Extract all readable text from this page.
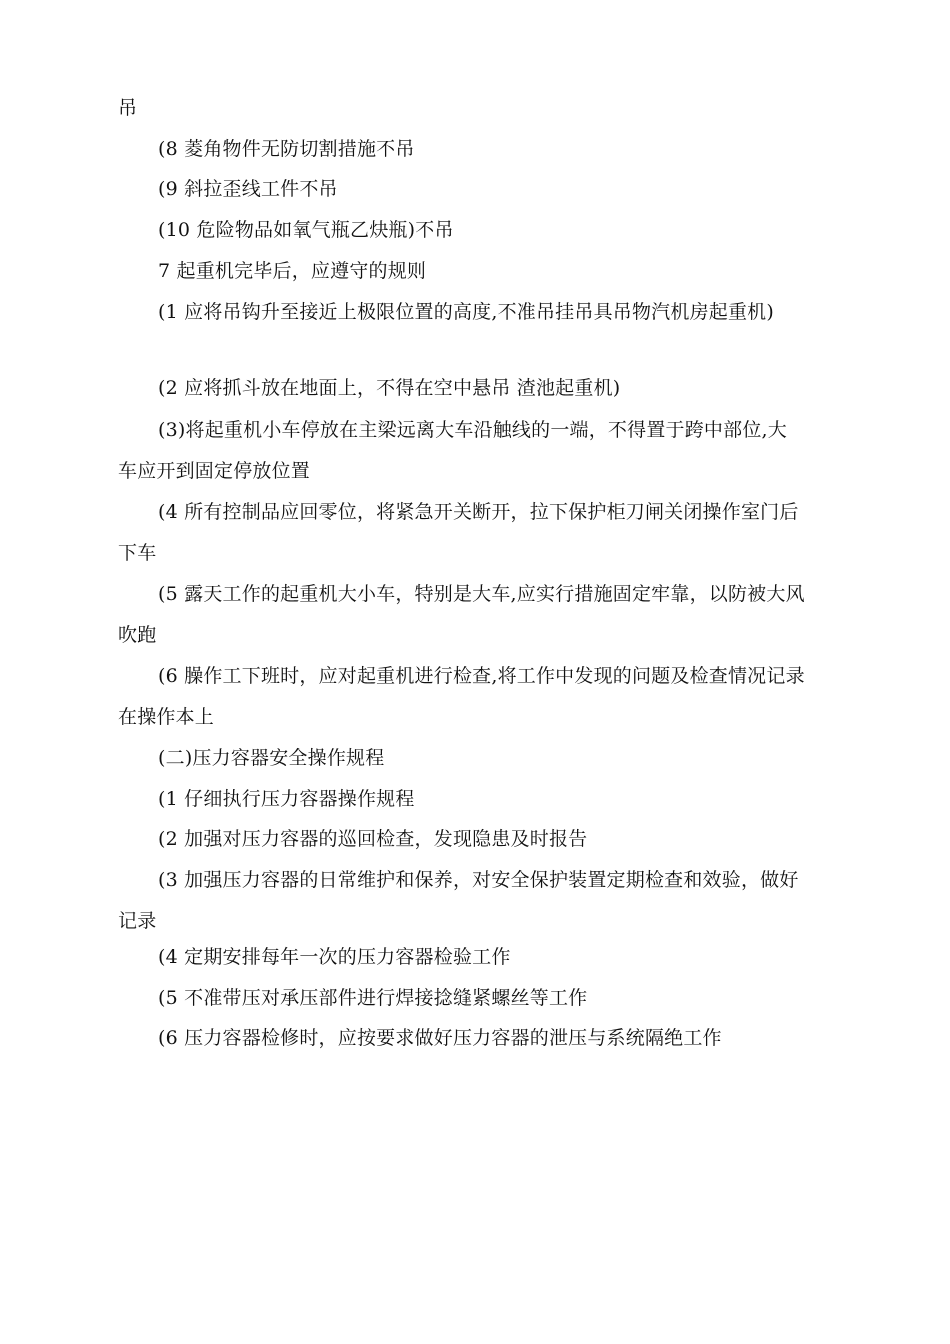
吊
(8 菱角物件无防切割措施不吊
(9 斜拉歪线工件不吊
(10 危险物品如氧气瓶乙炔瓶)不吊
7 起重机完毕后，应遵守的规则
(1 应将吊钩升至接近上极限位置的高度,不准吊挂吊具吊物汽机房起重机)
(2 应将抓斗放在地面上，不得在空中悬吊 渣池起重机)
(3)将起重机小车停放在主梁远离大车沿触线的一端，不得置于跨中部位,大
车应开到固定停放位置
(4 所有控制品应回零位，将紧急开关断开，拉下保护柜刀闸关闭操作室门后
下车
(5 露天工作的起重机大小车，特别是大车,应实行措施固定牢靠，以防被大风
吹跑
(6 臊作工下班时，应对起重机进行检查,将工作中发现的问题及检查情况记录
在操作本上
(二)压力容器安全操作规程
(1 仔细执行压力容器操作规程
(2 加强对压力容器的巡回检查，发现隐患及时报告
(3 加强压力容器的日常维护和保养，对安全保护装置定期检查和效验，做好
记录
(4 定期安排每年一次的压力容器检验工作
(5 不准带压对承压部件进行焊接捻缝紧螺丝等工作
(6 压力容器检修时，应按要求做好压力容器的泄压与系统隔绝工作
